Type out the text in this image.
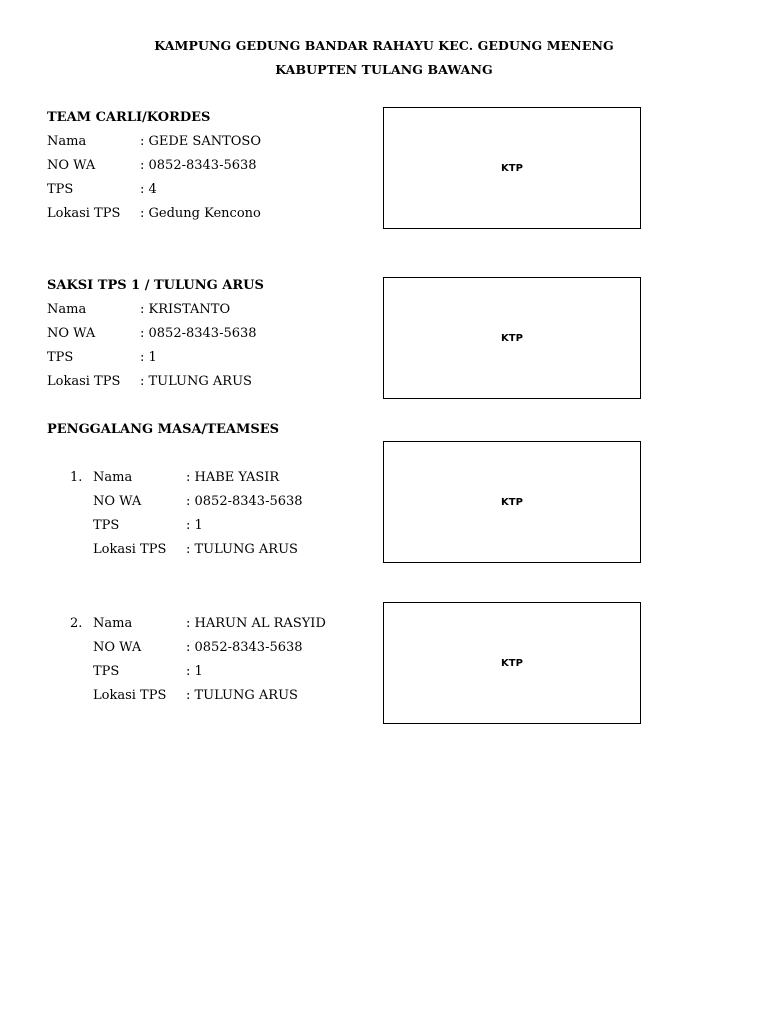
KAMPUNG GEDUNG BANDAR RAHAYU KEC. GEDUNG MENENG
KABUPTEN TULANG BAWANG
TEAM CARLI/KORDES
Nama	: GEDE SANTOSO
NO WA	: 0852-8343-5638
TPS	: 4
Lokasi TPS : Gedung Kencono
KTP
SAKSI TPS 1 / TULUNG ARUS
Nama	: KRISTANTO
NO WA	: 0852-8343-5638
TPS	: 1
Lokasi TPS : TULUNG ARUS
KTP
PENGGALANG MASA/TEAMSES
1. Nama	: HABE YASIR
NO WA	: 0852-8343-5638
TPS	: 1
Lokasi TPS : TULUNG ARUS
KTP
2. Nama	: HARUN AL RASYID
NO WA	: 0852-8343-5638
TPS	: 1
Lokasi TPS : TULUNG ARUS
KTP
